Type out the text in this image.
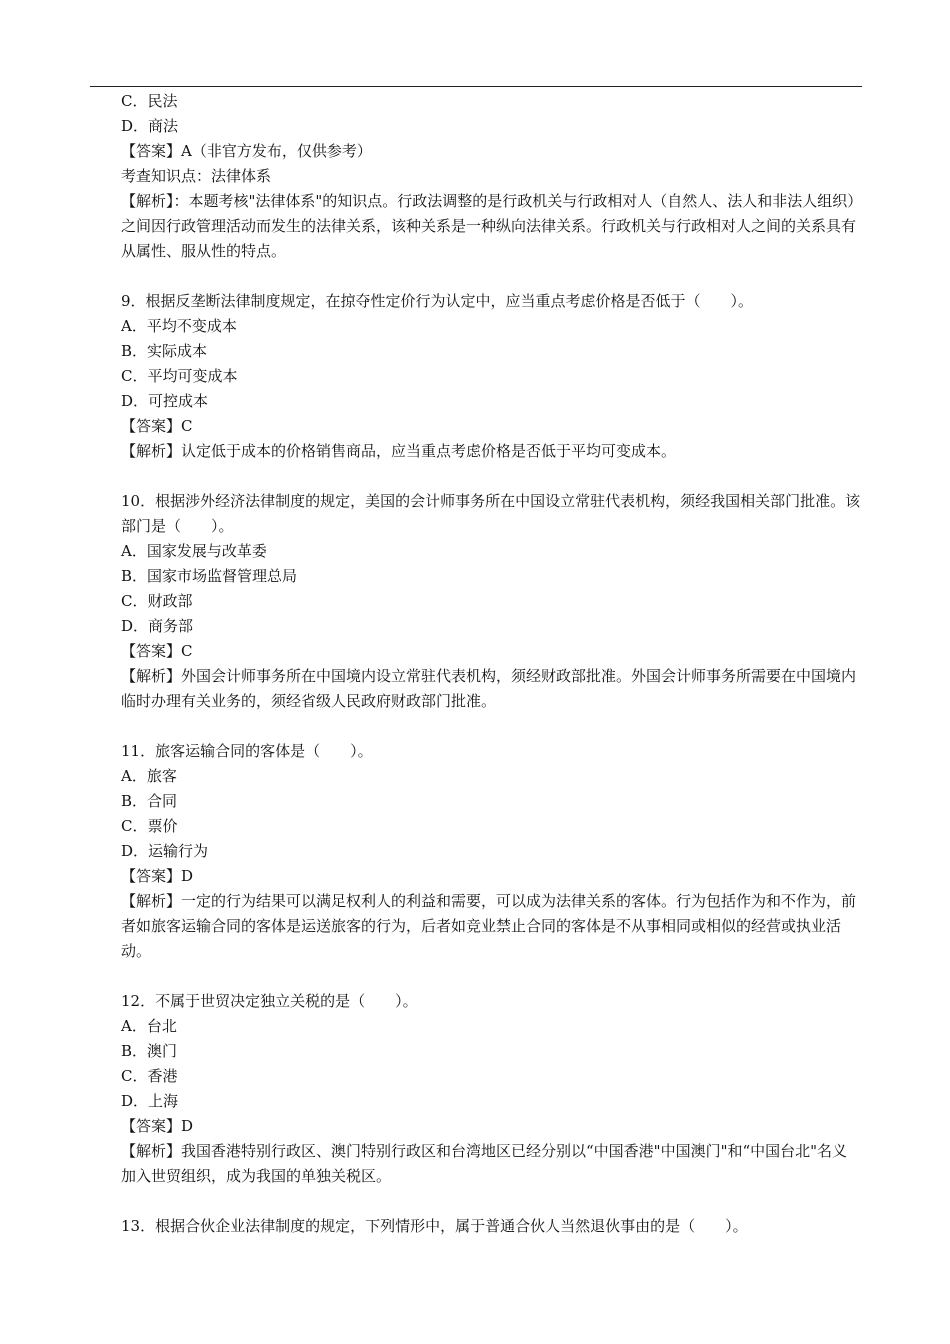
C．民法
D．商法
【答案】A（非官方发布，仅供参考）
考查知识点：法律体系
【解析】：本题考核"法律体系"的知识点。行政法调整的是行政机关与行政相对人（自然人、法人和非法人组织）之间因行政管理活动而发生的法律关系，该种关系是一种纵向法律关系。行政机关与行政相对人之间的关系具有从属性、服从性的特点。
9．根据反垄断法律制度规定，在掠夺性定价行为认定中，应当重点考虑价格是否低于（　　）。
A．平均不变成本
B．实际成本
C．平均可变成本
D．可控成本
【答案】C
【解析】认定低于成本的价格销售商品，应当重点考虑价格是否低于平均可变成本。
10．根据涉外经济法律制度的规定，美国的会计师事务所在中国设立常驻代表机构，须经我国相关部门批准。该部门是（　　）。
A．国家发展与改革委
B．国家市场监督管理总局
C．财政部
D．商务部
【答案】C
【解析】外国会计师事务所在中国境内设立常驻代表机构，须经财政部批准。外国会计师事务所需要在中国境内临时办理有关业务的，须经省级人民政府财政部门批准。
11．旅客运输合同的客体是（　　）。
A．旅客
B．合同
C．票价
D．运输行为
【答案】D
【解析】一定的行为结果可以满足权利人的利益和需要，可以成为法律关系的客体。行为包括作为和不作为，前者如旅客运输合同的客体是运送旅客的行为，后者如竞业禁止合同的客体是不从事相同或相似的经营或执业活动。
12．不属于世贸决定独立关税的是（　　）。
A．台北
B．澳门
C．香港
D．上海
【答案】D
【解析】我国香港特别行政区、澳门特别行政区和台湾地区已经分别以“中国香港"中国澳门"和“中国台北"名义加入世贸组织，成为我国的单独关税区。
13．根据合伙企业法律制度的规定，下列情形中，属于普通合伙人当然退伙事由的是（　　）。
